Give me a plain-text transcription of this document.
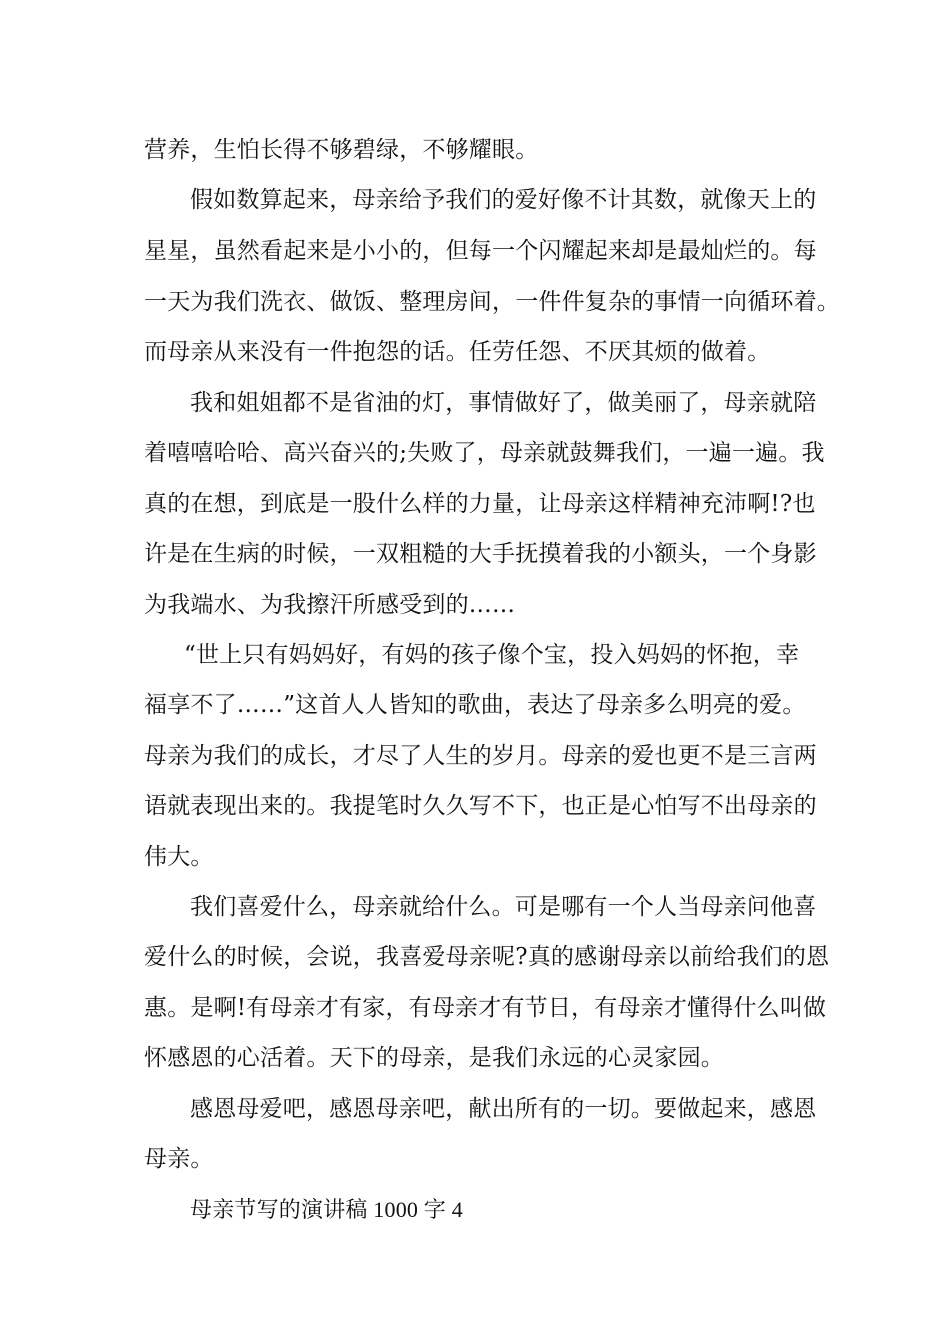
营养，生怕长得不够碧绿，不够耀眼。
假如数算起来，母亲给予我们的爱好像不计其数，就像天上的
星星，虽然看起来是小小的，但每一个闪耀起来却是最灿烂的。每
一天为我们洗衣、做饭、整理房间，一件件复杂的事情一向循环着。
而母亲从来没有一件抱怨的话。任劳任怨、不厌其烦的做着。
我和姐姐都不是省油的灯，事情做好了，做美丽了，母亲就陪
着嘻嘻哈哈、高兴奋兴的;失败了，母亲就鼓舞我们，一遍一遍。我
真的在想，到底是一股什么样的力量，让母亲这样精神充沛啊!?也
许是在生病的时候，一双粗糙的大手抚摸着我的小额头，一个身影
为我端水、为我擦汗所感受到的……
“世上只有妈妈好，有妈的孩子像个宝，投入妈妈的怀抱，幸
福享不了……”这首人人皆知的歌曲，表达了母亲多么明亮的爱。
母亲为我们的成长，才尽了人生的岁月。母亲的爱也更不是三言两
语就表现出来的。我提笔时久久写不下，也正是心怕写不出母亲的
伟大。
我们喜爱什么，母亲就给什么。可是哪有一个人当母亲问他喜
爱什么的时候，会说，我喜爱母亲呢?真的感谢母亲以前给我们的恩
惠。是啊!有母亲才有家，有母亲才有节日，有母亲才懂得什么叫做
怀感恩的心活着。天下的母亲，是我们永远的心灵家园。
感恩母爱吧，感恩母亲吧，献出所有的一切。要做起来，感恩
母亲。
母亲节写的演讲稿 1000 字 4
